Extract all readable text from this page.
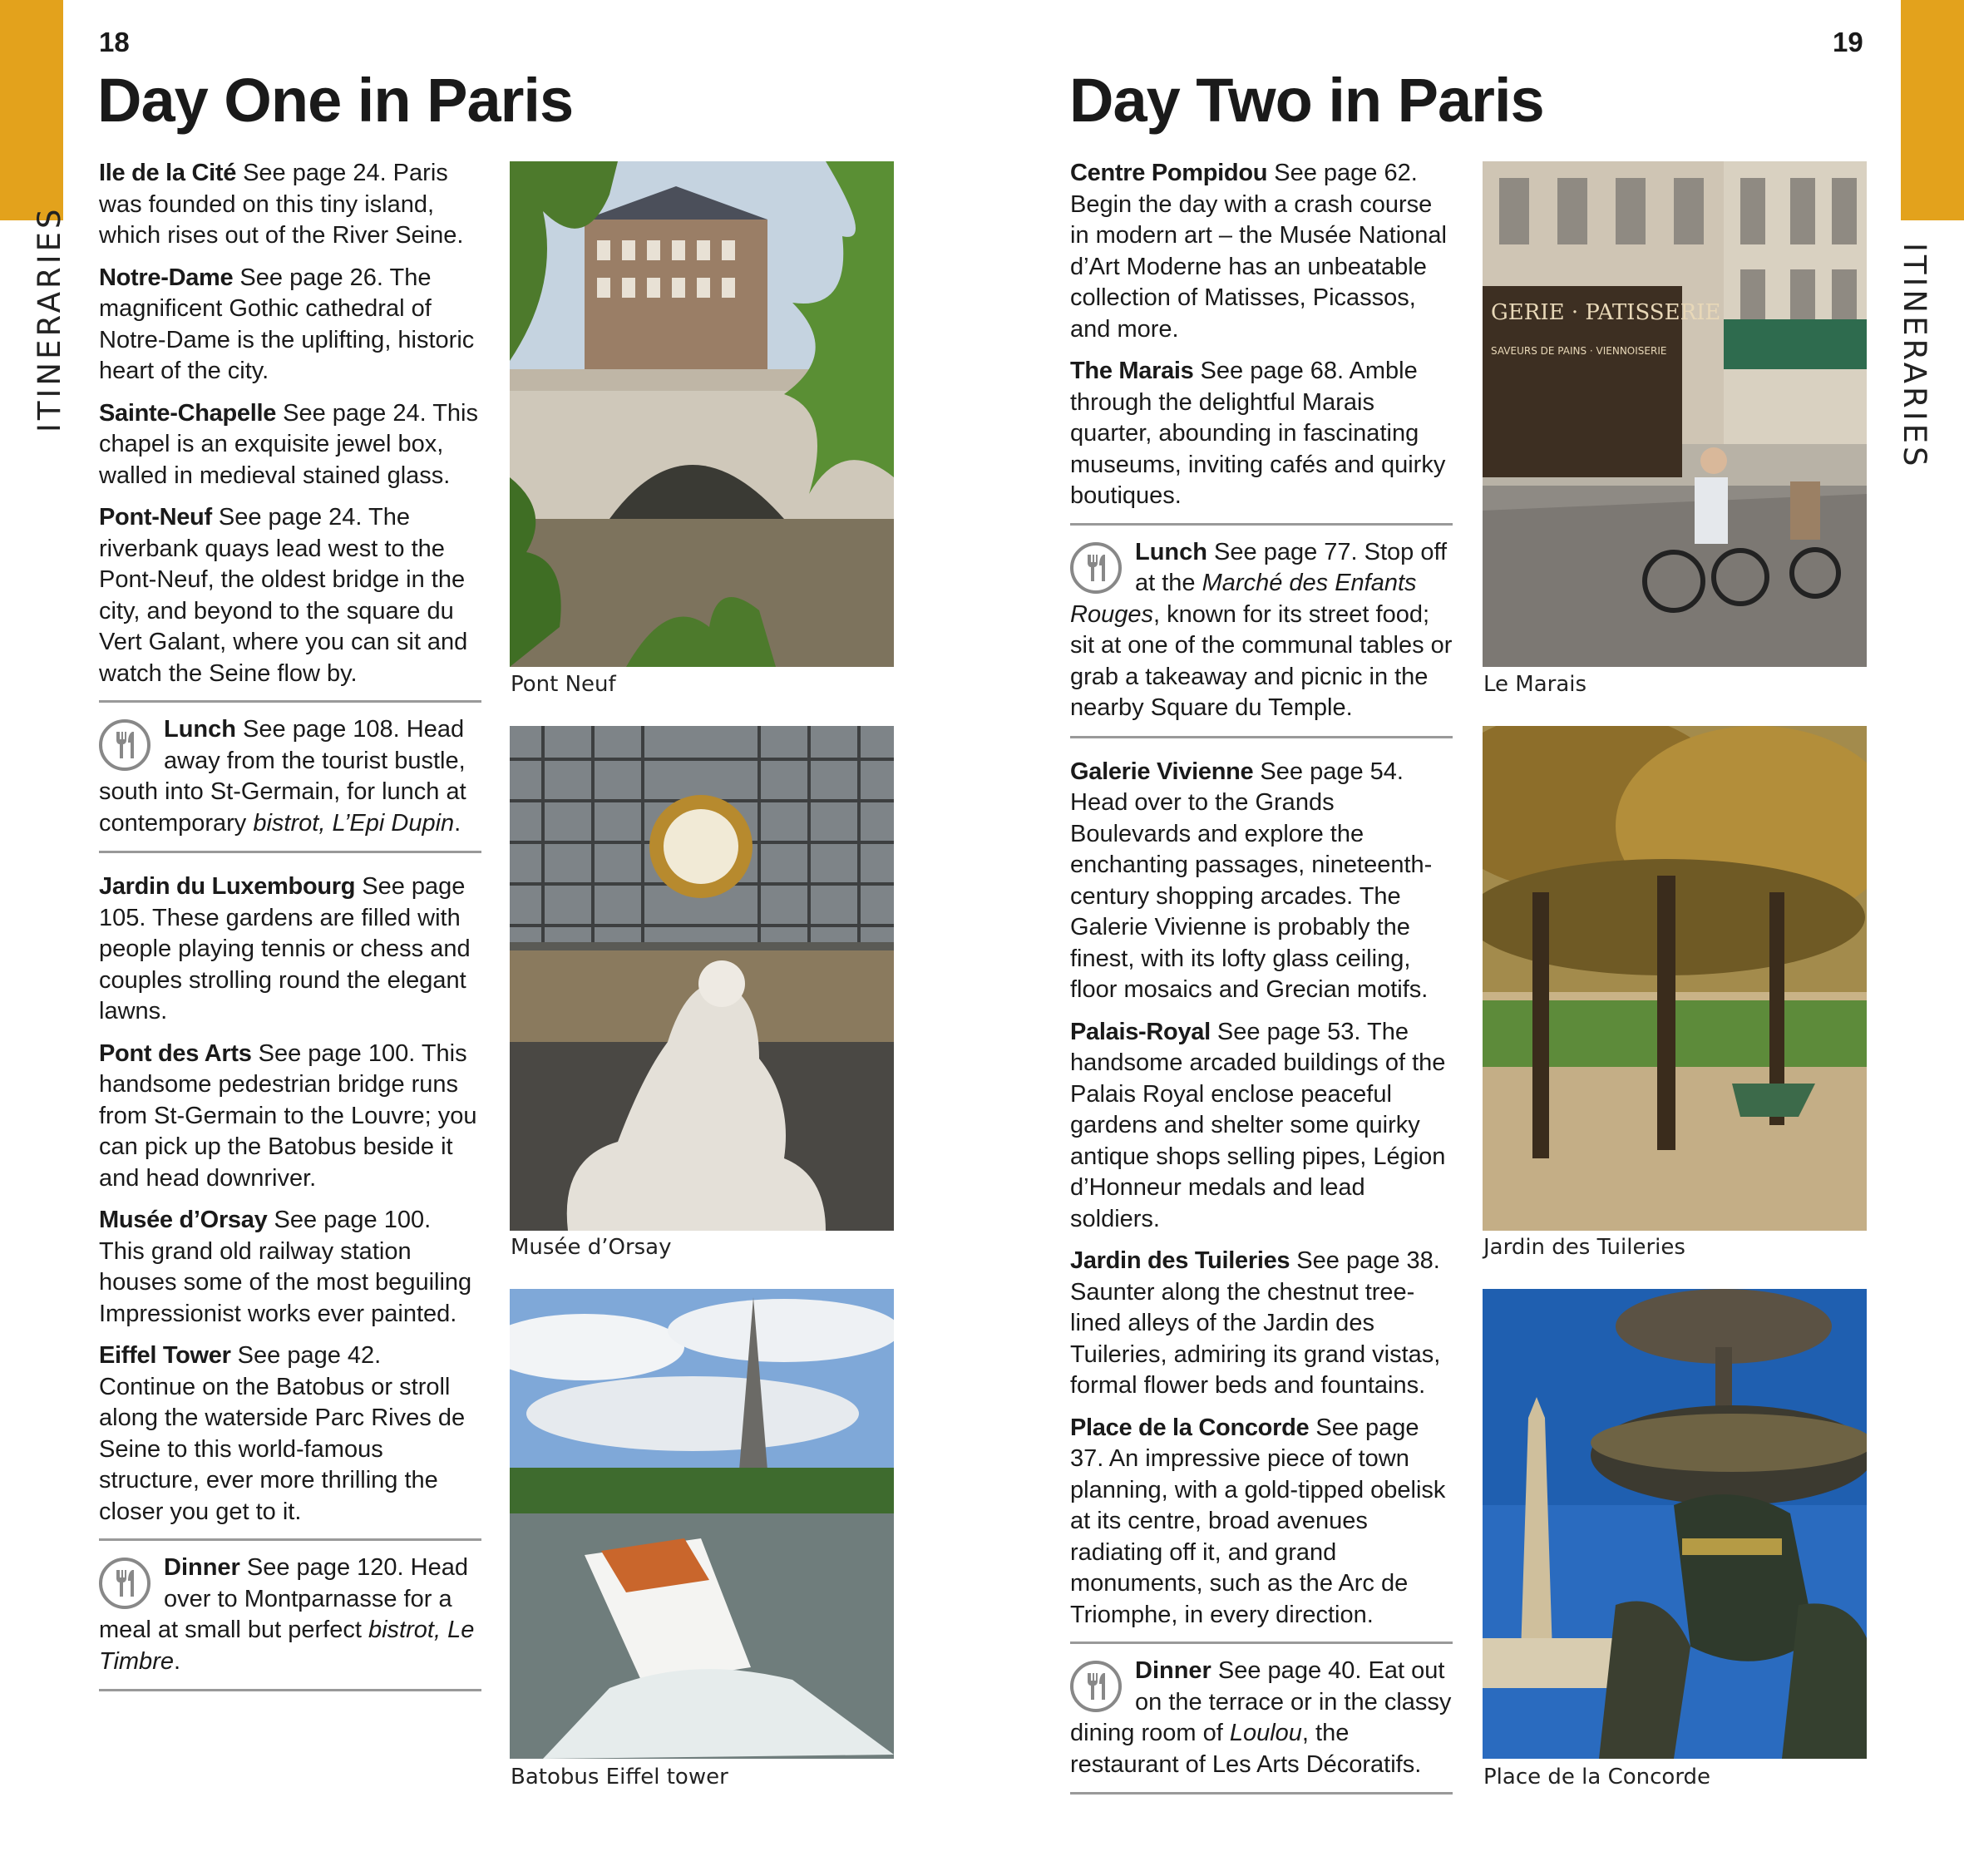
ITINERARIES	ITINERARIES
18	19
Day One in Paris	Day Two in Paris

Ile de la Cité See page 24. Paris was founded on this tiny island, which rises out of the River Seine.

Notre-Dame See page 26. The magnificent Gothic cathedral of Notre-Dame is the uplifting, historic heart of the city.

Sainte-Chapelle See page 24. This chapel is an exquisite jewel box, walled in medieval stained glass.

Pont-Neuf See page 24. The riverbank quays lead west to the Pont-Neuf, the oldest bridge in the city, and beyond to the square du Vert Galant, where you can sit and watch the Seine flow by.

Lunch See page 108. Head away from the tourist bustle, south into St-Germain, for lunch at contemporary bistrot, L’Epi Dupin.

Jardin du Luxembourg See page 105. These gardens are filled with people playing tennis or chess and couples strolling round the elegant lawns.

Pont des Arts See page 100. This handsome pedestrian bridge runs from St-Germain to the Louvre; you can pick up the Batobus beside it and head downriver.

Musée d’Orsay See page 100. This grand old railway station houses some of the most beguiling Impressionist works ever painted.

Eiffel Tower See page 42. Continue on the Batobus or stroll along the waterside Parc Rives de Seine to this world-famous structure, ever more thrilling the closer you get to it.

Dinner See page 120. Head over to Montparnasse for a meal at small but perfect bistrot, Le Timbre.

Centre Pompidou See page 62. Begin the day with a crash course in modern art – the Musée National d’Art Moderne has an unbeatable collection of Matisses, Picassos, and more.

The Marais See page 68. Amble through the delightful Marais quarter, abounding in fascinating museums, inviting cafés and quirky boutiques.

Lunch See page 77. Stop off at the Marché des Enfants Rouges, known for its street food; sit at one of the communal tables or grab a takeaway and picnic in the nearby Square du Temple.

Galerie Vivienne See page 54. Head over to the Grands Boulevards and explore the enchanting passages, nineteenth-century shopping arcades. The Galerie Vivienne is probably the finest, with its lofty glass ceiling, floor mosaics and Grecian motifs.

Palais-Royal See page 53. The handsome arcaded buildings of the Palais Royal enclose peaceful gardens and shelter some quirky antique shops selling pipes, Légion d’Honneur medals and lead soldiers.

Jardin des Tuileries See page 38. Saunter along the chestnut tree-lined alleys of the Jardin des Tuileries, admiring its grand vistas, formal flower beds and fountains.

Place de la Concorde See page 37. An impressive piece of town planning, with a gold-tipped obelisk at its centre, broad avenues radiating off it, and grand monuments, such as the Arc de Triomphe, in every direction.

Dinner See page 40. Eat out on the terrace or in the classy dining room of Loulou, the restaurant of Les Arts Décoratifs.
Pont Neuf
Musée d’Orsay
Batobus Eiffel tower
GERIE · PATISSERIE
SAVEURS DE PAINS · VIENNOISERIE
Le Marais
Jardin des Tuileries
Place de la Concorde
